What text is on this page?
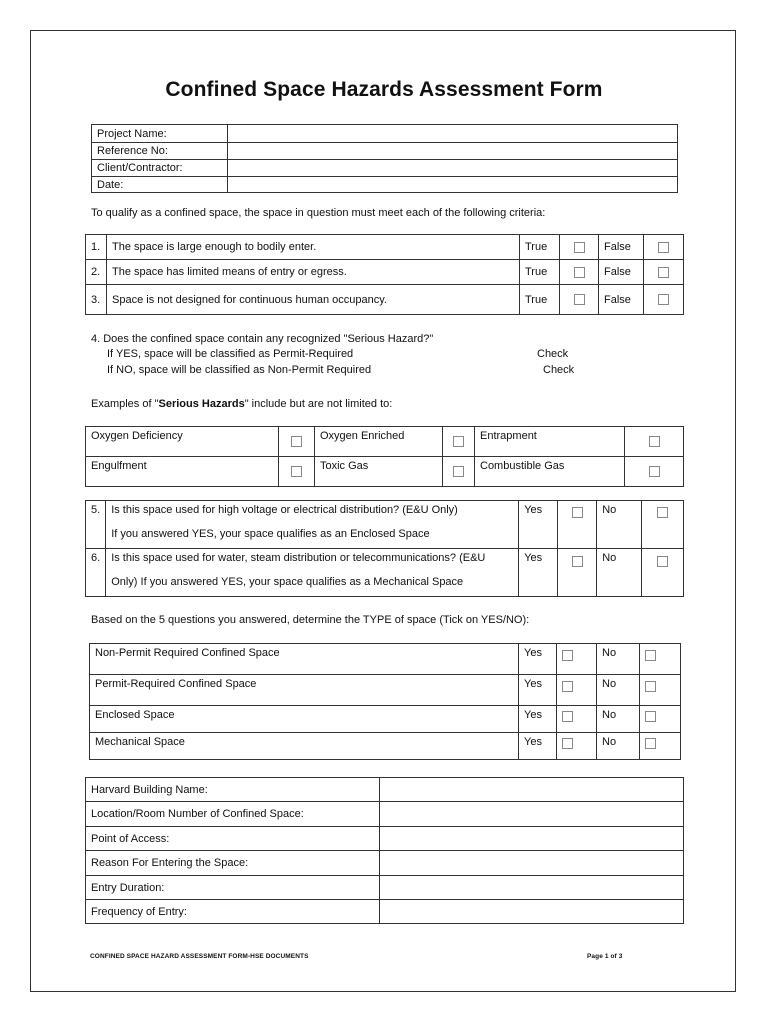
Confined Space Hazards Assessment Form
Project Name:	
Reference No:	
Client/Contractor:	
Date:	
To qualify as a confined space, the space in question must meet each of the following criteria:
1.	The space is large enough to bodily enter.	True		False	
2.	The space has limited means of entry or egress.	True		False	
3.	Space is not designed for continuous human occupancy.	True		False	
4. Does the confined space contain any recognized "Serious Hazard?"
If YES, space will be classified as Permit-Required	Check
If NO, space will be classified as Non-Permit Required	Check
Examples of "Serious Hazards" include but are not limited to:
Oxygen Deficiency		Oxygen Enriched		Entrapment	
Engulfment		Toxic Gas		Combustible Gas	
5.	Is this space used for high voltage or electrical distribution? (E&U Only)
If you answered YES, your space qualifies as an Enclosed Space	Yes		No	
6.	Is this space used for water, steam distribution or telecommunications? (E&U
Only) If you answered YES, your space qualifies as a Mechanical Space	Yes		No	
Based on the 5 questions you answered, determine the TYPE of space (Tick on YES/NO):
Non-Permit Required Confined Space	Yes		No	
Permit-Required Confined Space	Yes		No	
Enclosed Space	Yes		No	
Mechanical Space	Yes		No	
Harvard Building Name:	
Location/Room Number of Confined Space:	
Point of Access:	
Reason For Entering the Space:	
Entry Duration:	
Frequency of Entry:	
CONFINED SPACE HAZARD ASSESSMENT FORM-HSE DOCUMENTS	Page 1 of 3
